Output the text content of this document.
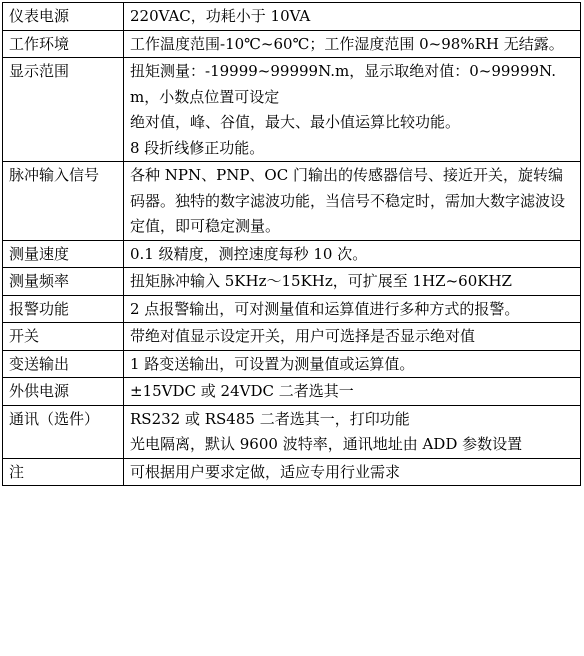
仪表电源	220VAC，功耗小于 10VA

工作环境	工作温度范围-10℃~60℃；工作湿度范围 0~98%RH 无结露。

显示范围	扭矩测量：-19999~99999N.m，显示取绝对值：0~99999N.m，小数点位置可设定
绝对值，峰、谷值，最大、最小值运算比较功能。
8 段折线修正功能。

脉冲输入信号	各种 NPN、PNP、OC 门输出的传感器信号、接近开关，旋转编码器。独特的数字滤波功能，当信号不稳定时，需加大数字滤波设定值，即可稳定测量。

测量速度	0.1 级精度，测控速度每秒 10 次。

测量频率	扭矩脉冲输入 5KHz～15KHz，可扩展至 1HZ~60KHZ

报警功能	2 点报警输出，可对测量值和运算值进行多种方式的报警。

开关	带绝对值显示设定开关，用户可选择是否显示绝对值

变送输出	1 路变送输出，可设置为测量值或运算值。

外供电源	±15VDC 或 24VDC 二者选其一

通讯（选件）	RS232 或 RS485 二者选其一，打印功能
光电隔离，默认 9600 波特率，通讯地址由 ADD 参数设置

注	可根据用户要求定做，适应专用行业需求
